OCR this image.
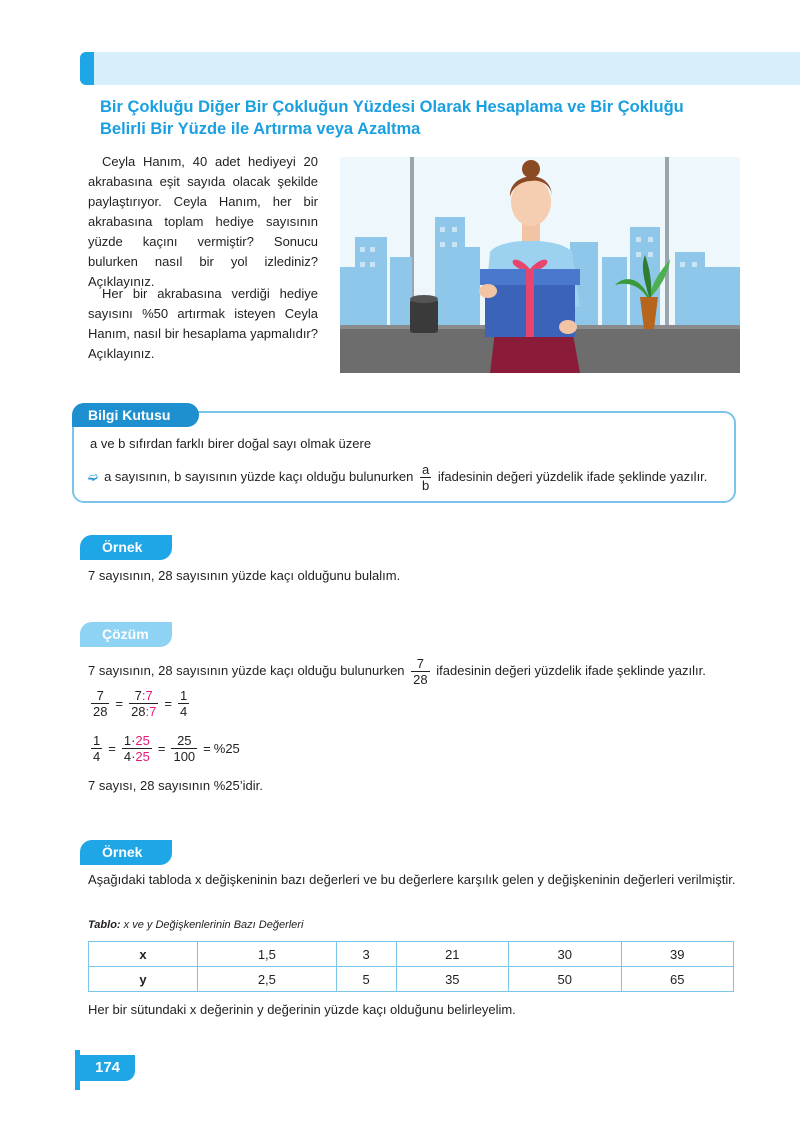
Bir Çokluğu Diğer Bir Çokluğun Yüzdesi Olarak Hesaplama ve Bir Çokluğu Belirli Bir Yüzde ile Artırma veya Azaltma
Ceyla Hanım, 40 adet hediyeyi 20 akrabasına eşit sayıda olacak şekilde paylaştırıyor. Ceyla Hanım, her bir akrabasına toplam hediye sayısının yüzde kaçını vermiştir? Sonucu bulurken nasıl bir yol izlediniz? Açıklayınız.
Her bir akrabasına verdiği hediye sayısını %50 artırmak isteyen Ceyla Hanım, nasıl bir hesaplama yapmalıdır? Açıklayınız.
Bilgi Kutusu
a ve b sıfırdan farklı birer doğal sayı olmak üzere
➫ a sayısının, b sayısının yüzde kaçı olduğu bulunurken $\frac{a}{b}$ ifadesinin değeri yüzdelik ifade şeklinde yazılır.
Örnek
7 sayısının, 28 sayısının yüzde kaçı olduğunu bulalım.
Çözüm
7 sayısının, 28 sayısının yüzde kaçı olduğu bulunurken $\frac{7}{28}$ ifadesinin değeri yüzdelik ifade şeklinde yazılır.
$\frac{7}{28} = \frac{7:7}{28:7} = \frac{1}{4}$
$\frac{1}{4} = \frac{1\cdot 25}{4\cdot 25} = \frac{25}{100} = \%25$
7 sayısı, 28 sayısının %25’idir.
Örnek
Aşağıdaki tabloda x değişkeninin bazı değerleri ve bu değerlere karşılık gelen y değişkeninin değerleri verilmiştir.
Tablo: x ve y Değişkenlerinin Bazı Değerleri
x	1,5	3	21	30	39
y	2,5	5	35	50	65
Her bir sütundaki x değerinin y değerinin yüzde kaçı olduğunu belirleyelim.
174
